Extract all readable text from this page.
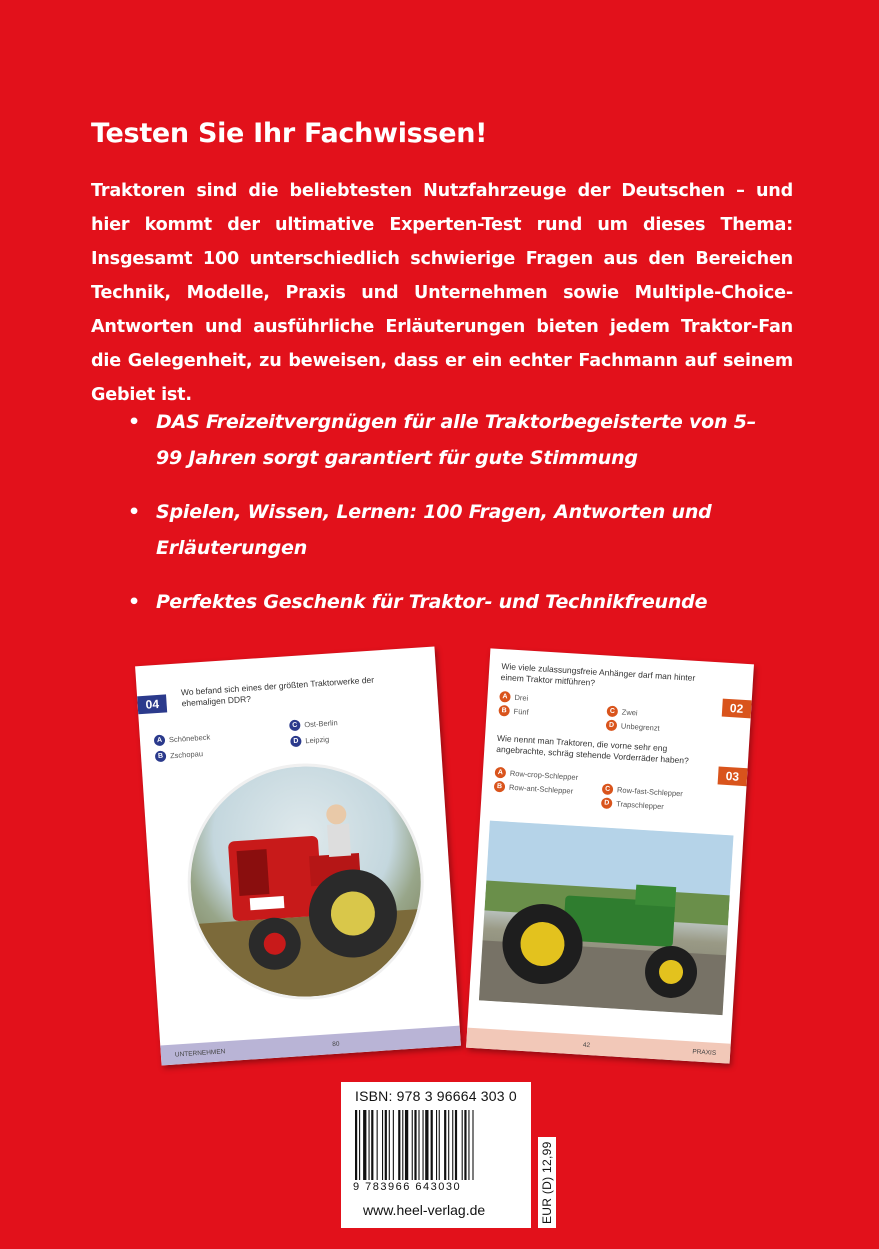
Testen Sie Ihr Fachwissen!
Traktoren sind die beliebtesten Nutzfahrzeuge der Deutschen – und hier kommt der ultimative Experten-Test rund um dieses Thema: Insgesamt 100 unterschiedlich schwierige Fragen aus den Bereichen Technik, Modelle, Praxis und Unternehmen sowie Multiple-Choice-Antworten und ausführliche Erläuterungen bieten jedem Traktor-Fan die Gelegenheit, zu beweisen, dass er ein echter Fachmann auf seinem Gebiet ist.
• DAS Freizeitvergnügen für alle Traktorbegeisterte von 5–99 Jahren sorgt garantiert für gute Stimmung
• Spielen, Wissen, Lernen: 100 Fragen, Antworten und Erläuterungen
• Perfektes Geschenk für Traktor- und Technikfreunde
04
Wo befand sich eines der größten Traktorwerke der ehemaligen DDR?
A Schönebeck
B Zschopau
C Ost-Berlin
D Leipzig
UNTERNEHMEN
80
Wie viele zulassungsfreie Anhänger darf man hinter einem Traktor mitführen?
02
A Drei
B Fünf	C Zwei
D Unbegrenzt
Wie nennt man Traktoren, die vorne sehr eng angebrachte, schräg stehende Vorderräder haben?
03
A Row-crop-Schlepper
B Row-ant-Schlepper	C Row-fast-Schlepper
D Trapschlepper
42
PRAXIS
ISBN: 978 3 96664 303 0
9 783966 643030
www.heel-verlag.de	EUR (D) 12,99
